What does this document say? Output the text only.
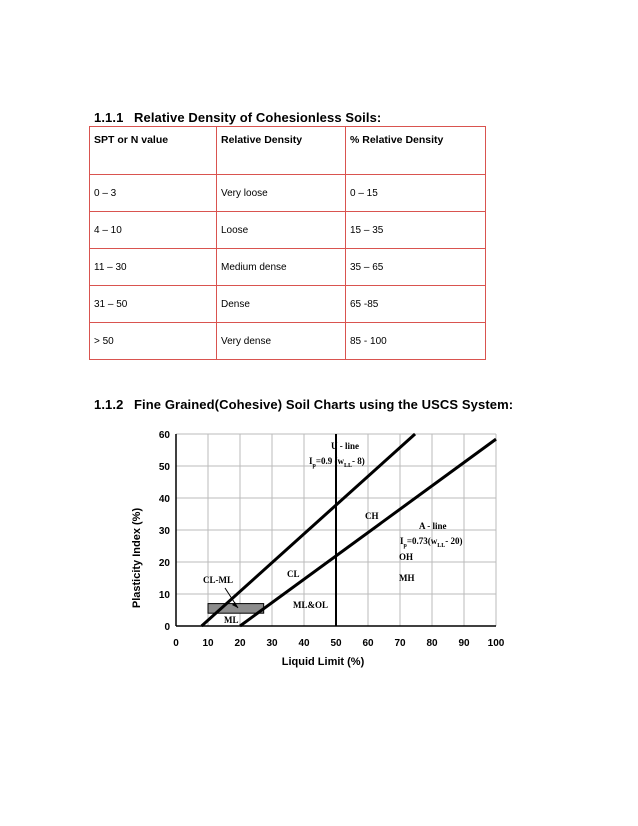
1.1.1 Relative Density of Cohesionless Soils:
SPT or N value	Relative Density	% Relative Density
0 – 3	Very loose	0 – 15
4 – 10	Loose	15 – 35
11 – 30	Medium dense	35 – 65
31 – 50	Dense	65 -85
> 50	Very dense	85 - 100
1.1.2 Fine Grained(Cohesive) Soil Charts using the USCS System:
0 10 20 30 40 50 60 70 80 90 100
0
10
20
30
40
50
60
Liquid Limit (%)
Plasticity Index (%)
U - line
$I_p=0.9$ ($w_{LL}-$ 8)
CH
A - line
$I_p=0.73(w_{LL}-$ 20)
OH
MH
CL
CL-ML
ML&OL
ML
